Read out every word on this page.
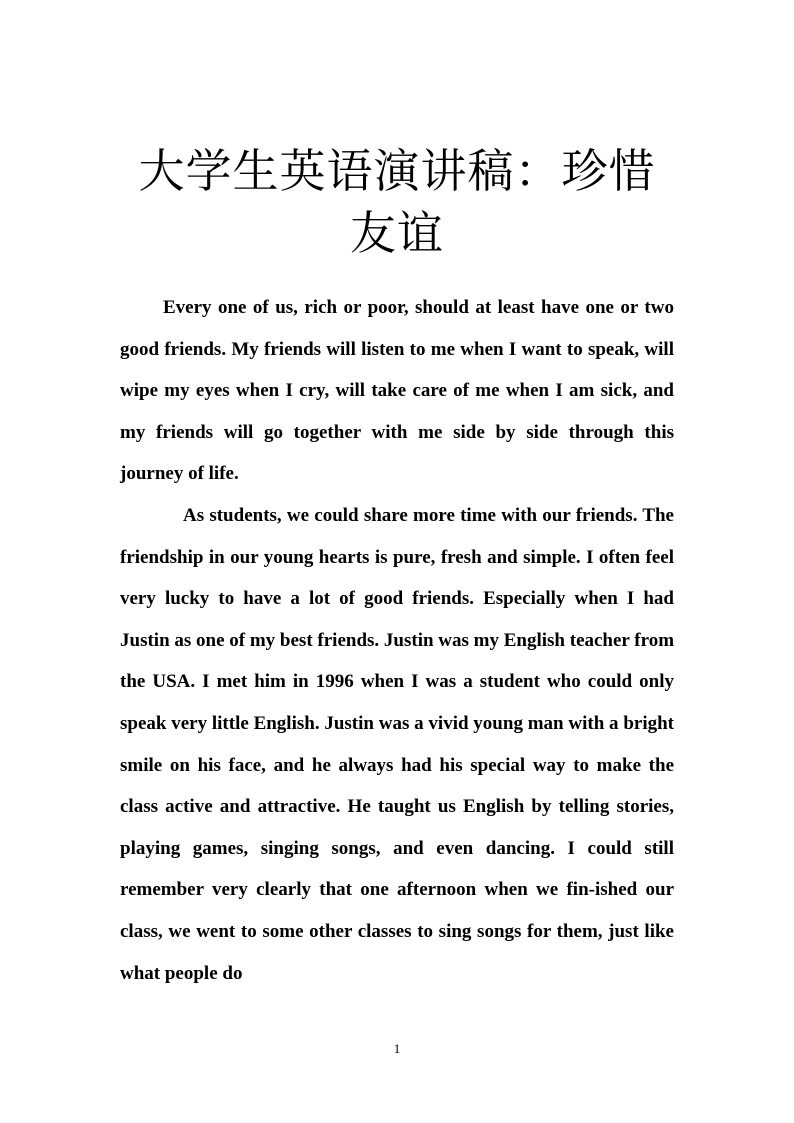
大学生英语演讲稿：珍惜
友谊

Every one of us, rich or poor, should at least have one or two good friends. My friends will listen to me when I want to speak, will wipe my eyes when I cry, will take care of me when I am sick, and my friends will go together with me side by side through this journey of life.

As students, we could share more time with our friends. The friendship in our young hearts is pure, fresh and simple. I often feel very lucky to have a lot of good friends. Especially when I had Justin as one of my best friends. Justin was my English teacher from the USA. I met him in 1996 when I was a student who could only speak very little English. Justin was a vivid young man with a bright smile on his face, and he always had his special way to make the class active and attractive. He taught us English by telling stories, playing games, singing songs, and even dancing. I could still remember very clearly that one afternoon when we fin-ished our class, we went to some other classes to sing songs for them, just like what people do

1
